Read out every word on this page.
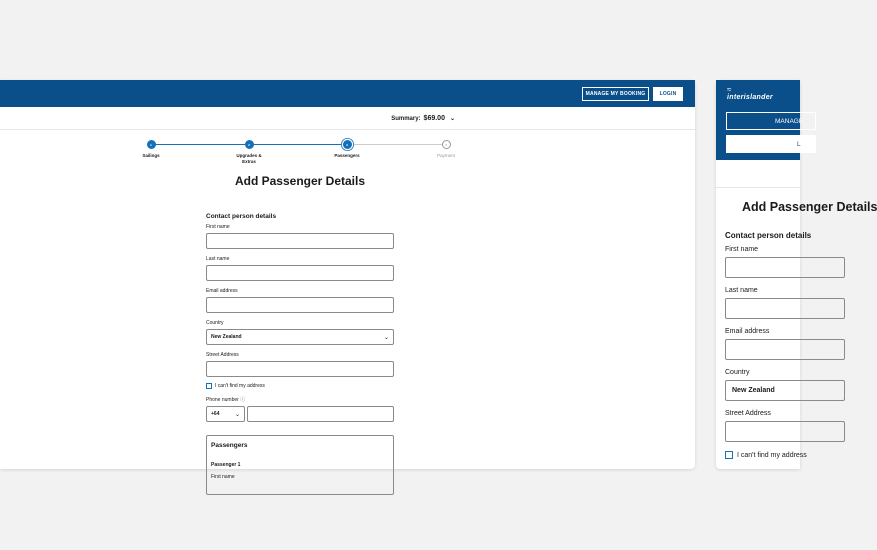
MANAGE MY BOOKING	LOGIN
Summary: $69.00 ⌄
1
Sailings
2
Upgrades & Extras
3
Passengers
4
Payment
Add Passenger Details
Contact person details
First name
Last name
Email address
Country
New Zealand	⌄
Street Address
I can't find my address
Phone number ⓘ
+64	⌄
Passengers
Passenger 1
First name
≈
interislander
MANAGE
L
Add Passenger Details
Contact person details
First name
Last name
Email address
Country
New Zealand
Street Address
I can't find my address
